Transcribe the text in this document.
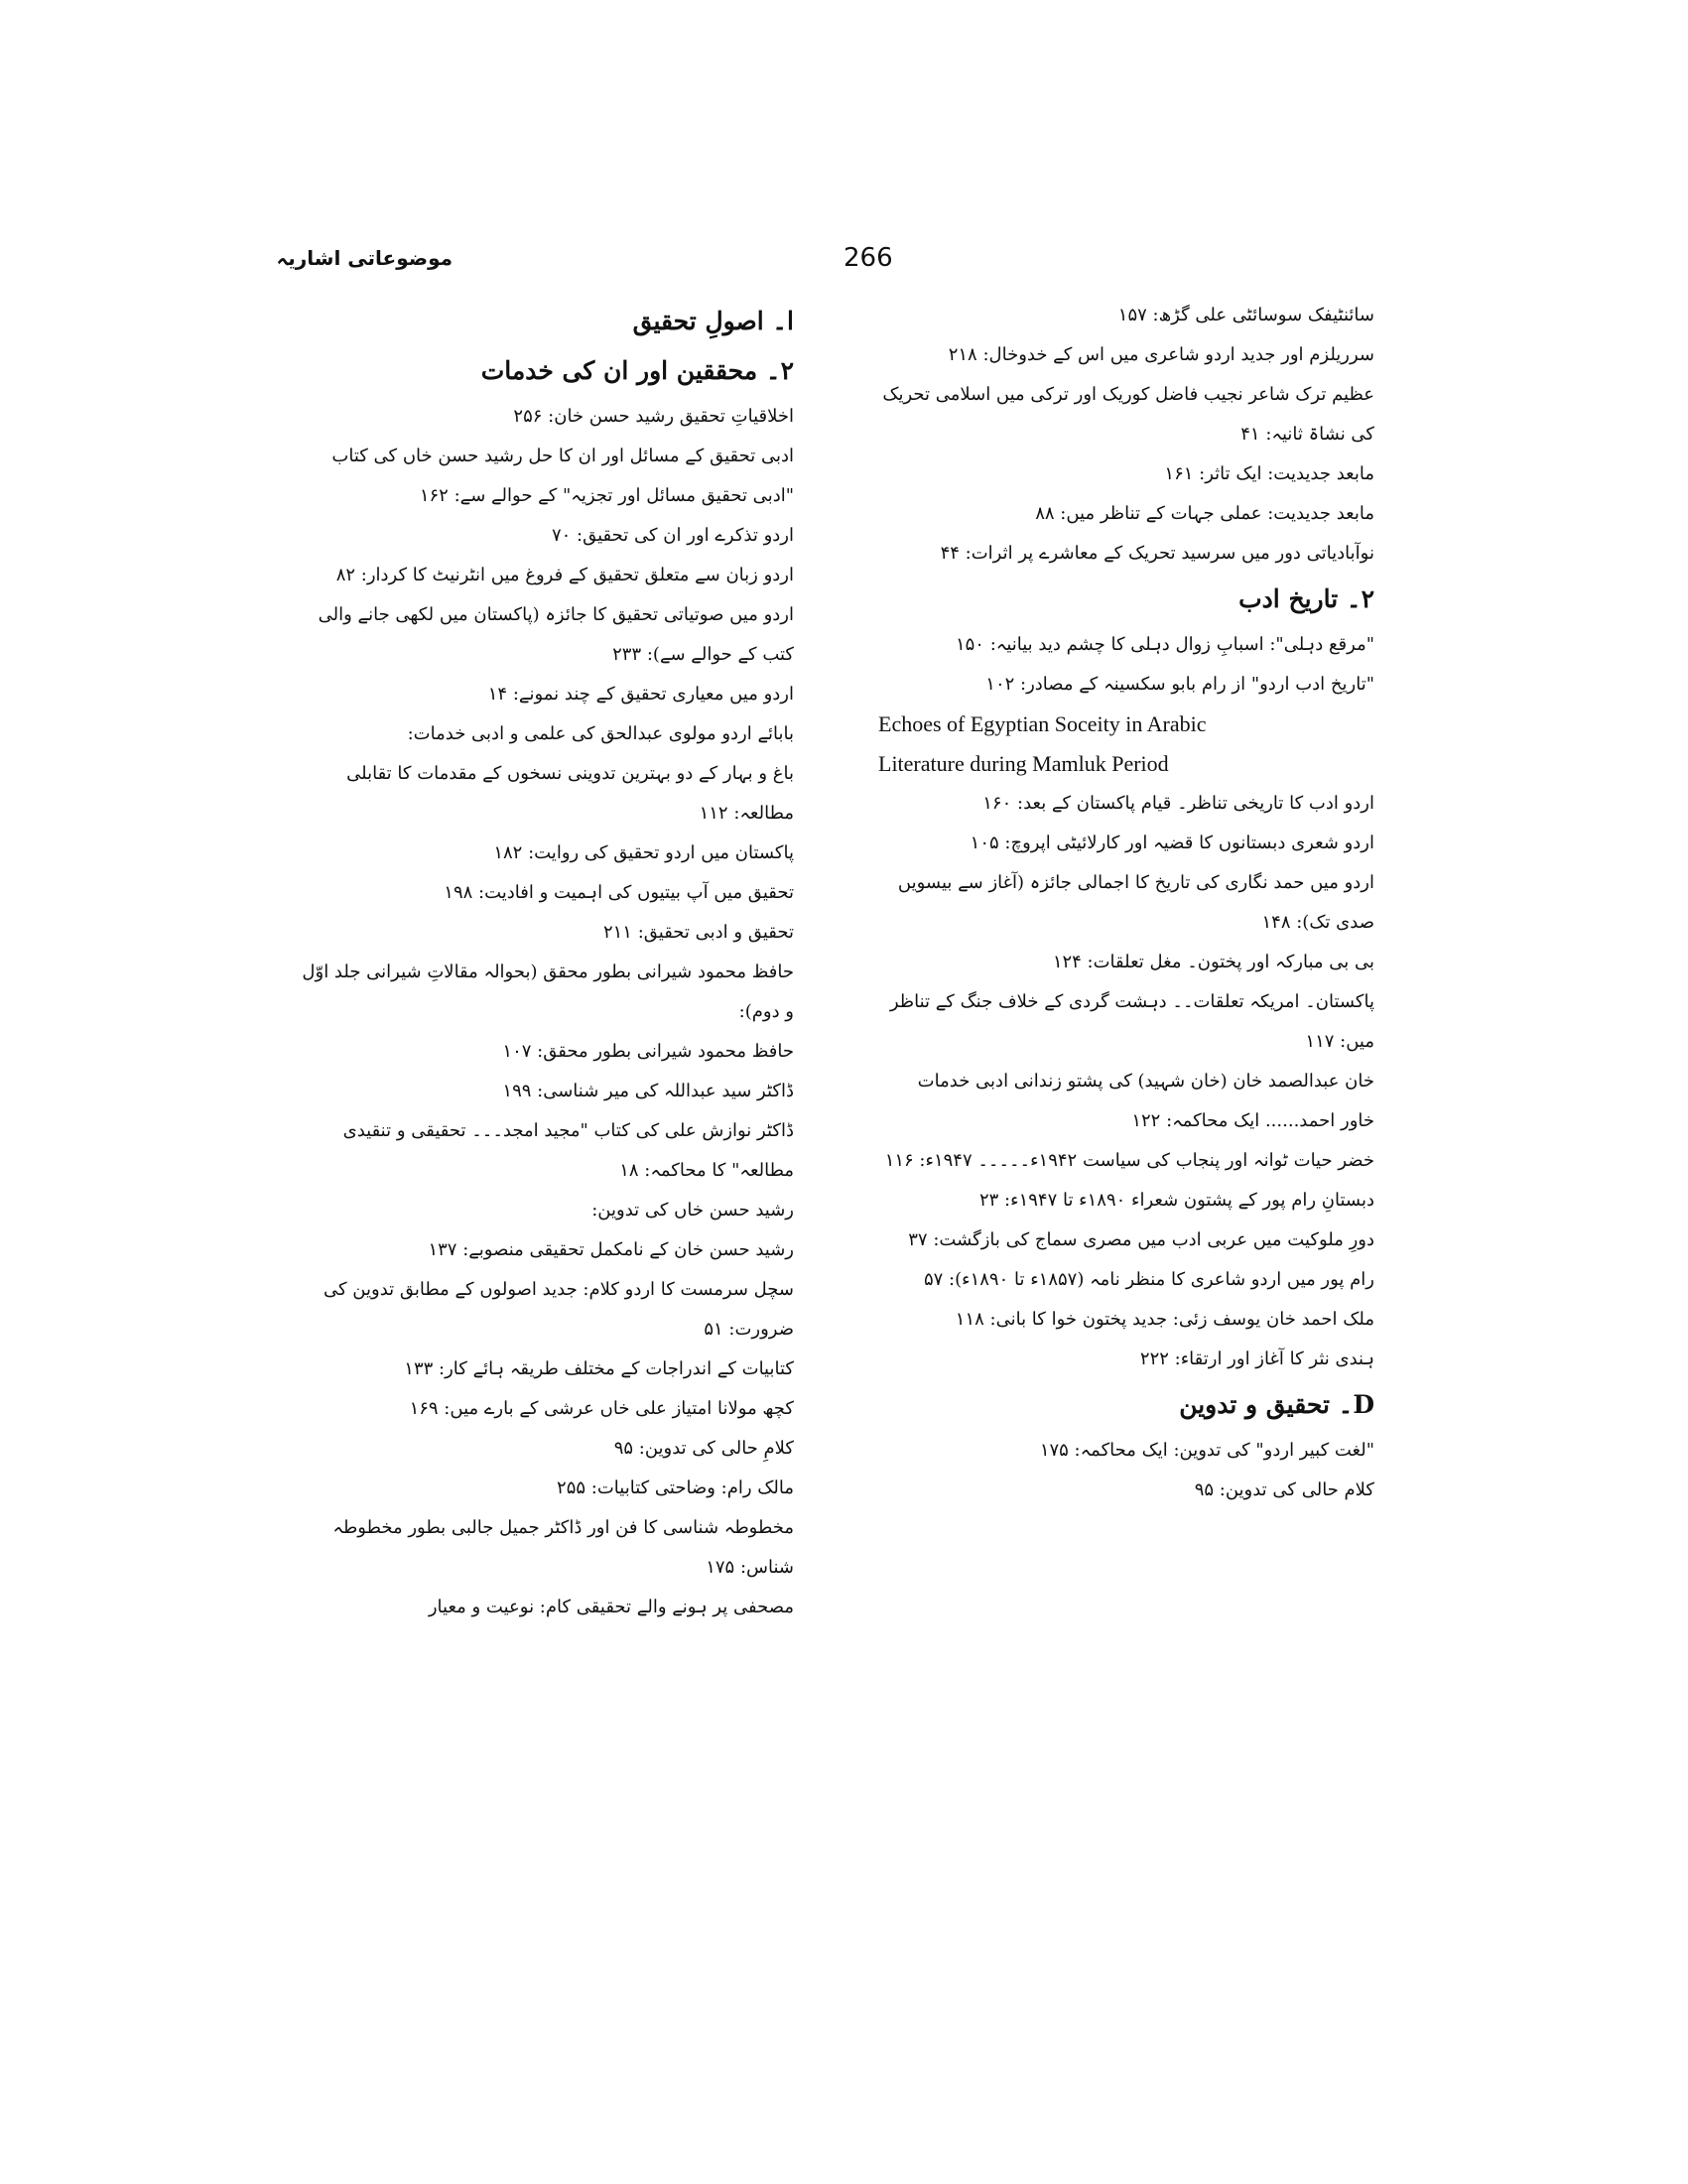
موضوعاتی اشاریہ	266

سائنٹیفک سوسائٹی علی گڑھ: ۱۵۷

سرریلزم اور جدید اردو شاعری میں اس کے خدوخال: ۲۱۸

عظیم ترک شاعر نجیب فاضل کوریک اور ترکی میں اسلامی تحریک کی نشاۃ ثانیہ: ۴۱

مابعد جدیدیت: ایک تاثر: ۱۶۱

مابعد جدیدیت: عملی جہات کے تناظر میں: ۸۸

نوآبادیاتی دور میں سرسید تحریک کے معاشرے پر اثرات: ۴۴

۲۔ تاریخ ادب

"مرقع دہلی": اسبابِ زوال دہلی کا چشم دید بیانیہ: ۱۵۰

"تاریخ ادب اردو" از رام بابو سکسینہ کے مصادر: ۱۰۲

Echoes of Egyptian Soceity in Arabic

Literature during Mamluk Period

اردو ادب کا تاریخی تناظر۔ قیام پاکستان کے بعد: ۱۶۰

اردو شعری دبستانوں کا قضیہ اور کارلائیٹی اپروچ: ۱۰۵

اردو میں حمد نگاری کی تاریخ کا اجمالی جائزہ (آغاز سے بیسویں صدی تک): ۱۴۸

بی بی مبارکہ اور پختون۔ مغل تعلقات: ۱۲۴

پاکستان۔ امریکہ تعلقات۔۔ دہشت گردی کے خلاف جنگ کے تناظر میں: ۱۱۷

خان عبدالصمد خان (خان شہید) کی پشتو زندانی ادبی خدمات

خاور احمد...... ایک محاکمہ: ۱۲۲

خضر حیات ٹوانہ اور پنجاب کی سیاست ۱۹۴۲ء۔۔۔۔۔ ۱۹۴۷ء: ۱۱۶

دبستانِ رام پور کے پشتون شعراء ۱۸۹۰ء تا ۱۹۴۷ء: ۲۳

دورِ ملوکیت میں عربی ادب میں مصری سماج کی بازگشت: ۳۷

رام پور میں اردو شاعری کا منظر نامہ (۱۸۵۷ء تا ۱۸۹۰ء): ۵۷

ملک احمد خان یوسف زئی: جدید پختون خوا کا بانی: ۱۱۸

ہندی نثر کا آغاز اور ارتقاء: ۲۲۲

D۔ تحقیق و تدوین

"لغت کبیر اردو" کی تدوین: ایک محاکمہ: ۱۷۵

کلام حالی کی تدوین: ۹۵

ا۔ اصولِ تحقیق

۲۔ محققین اور ان کی خدمات

اخلاقیاتِ تحقیق رشید حسن خان: ۲۵۶

ادبی تحقیق کے مسائل اور ان کا حل رشید حسن خاں کی کتاب "ادبی تحقیق مسائل اور تجزیہ" کے حوالے سے: ۱۶۲

اردو تذکرے اور ان کی تحقیق: ۷۰

اردو زبان سے متعلق تحقیق کے فروغ میں انٹرنیٹ کا کردار: ۸۲

اردو میں صوتیاتی تحقیق کا جائزہ (پاکستان میں لکھی جانے والی کتب کے حوالے سے): ۲۳۳

اردو میں معیاری تحقیق کے چند نمونے: ۱۴

بابائے اردو مولوی عبدالحق کی علمی و ادبی خدمات:

باغ و بہار کے دو بہترین تدوینی نسخوں کے مقدمات کا تقابلی مطالعہ: ۱۱۲

پاکستان میں اردو تحقیق کی روایت: ۱۸۲

تحقیق میں آپ بیتیوں کی اہمیت و افادیت: ۱۹۸

تحقیق و ادبی تحقیق: ۲۱۱

حافظ محمود شیرانی بطور محقق (بحوالہ مقالاتِ شیرانی جلد اوّل و دوم):

حافظ محمود شیرانی بطور محقق: ۱۰۷

ڈاکٹر سید عبداللہ کی میر شناسی: ۱۹۹

ڈاکٹر نوازش علی کی کتاب "مجید امجد۔۔۔ تحقیقی و تنقیدی مطالعہ" کا محاکمہ: ۱۸

رشید حسن خاں کی تدوین:

رشید حسن خان کے نامکمل تحقیقی منصوبے: ۱۳۷

سچل سرمست کا اردو کلام: جدید اصولوں کے مطابق تدوین کی ضرورت: ۵۱

کتابیات کے اندراجات کے مختلف طریقہ ہائے کار: ۱۳۳

کچھ مولانا امتیاز علی خاں عرشی کے بارے میں: ۱۶۹

کلامِ حالی کی تدوین: ۹۵

مالک رام: وضاحتی کتابیات: ۲۵۵

مخطوطہ شناسی کا فن اور ڈاکٹر جمیل جالبی بطور مخطوطہ شناس: ۱۷۵

مصحفی پر ہونے والے تحقیقی کام: نوعیت و معیار
